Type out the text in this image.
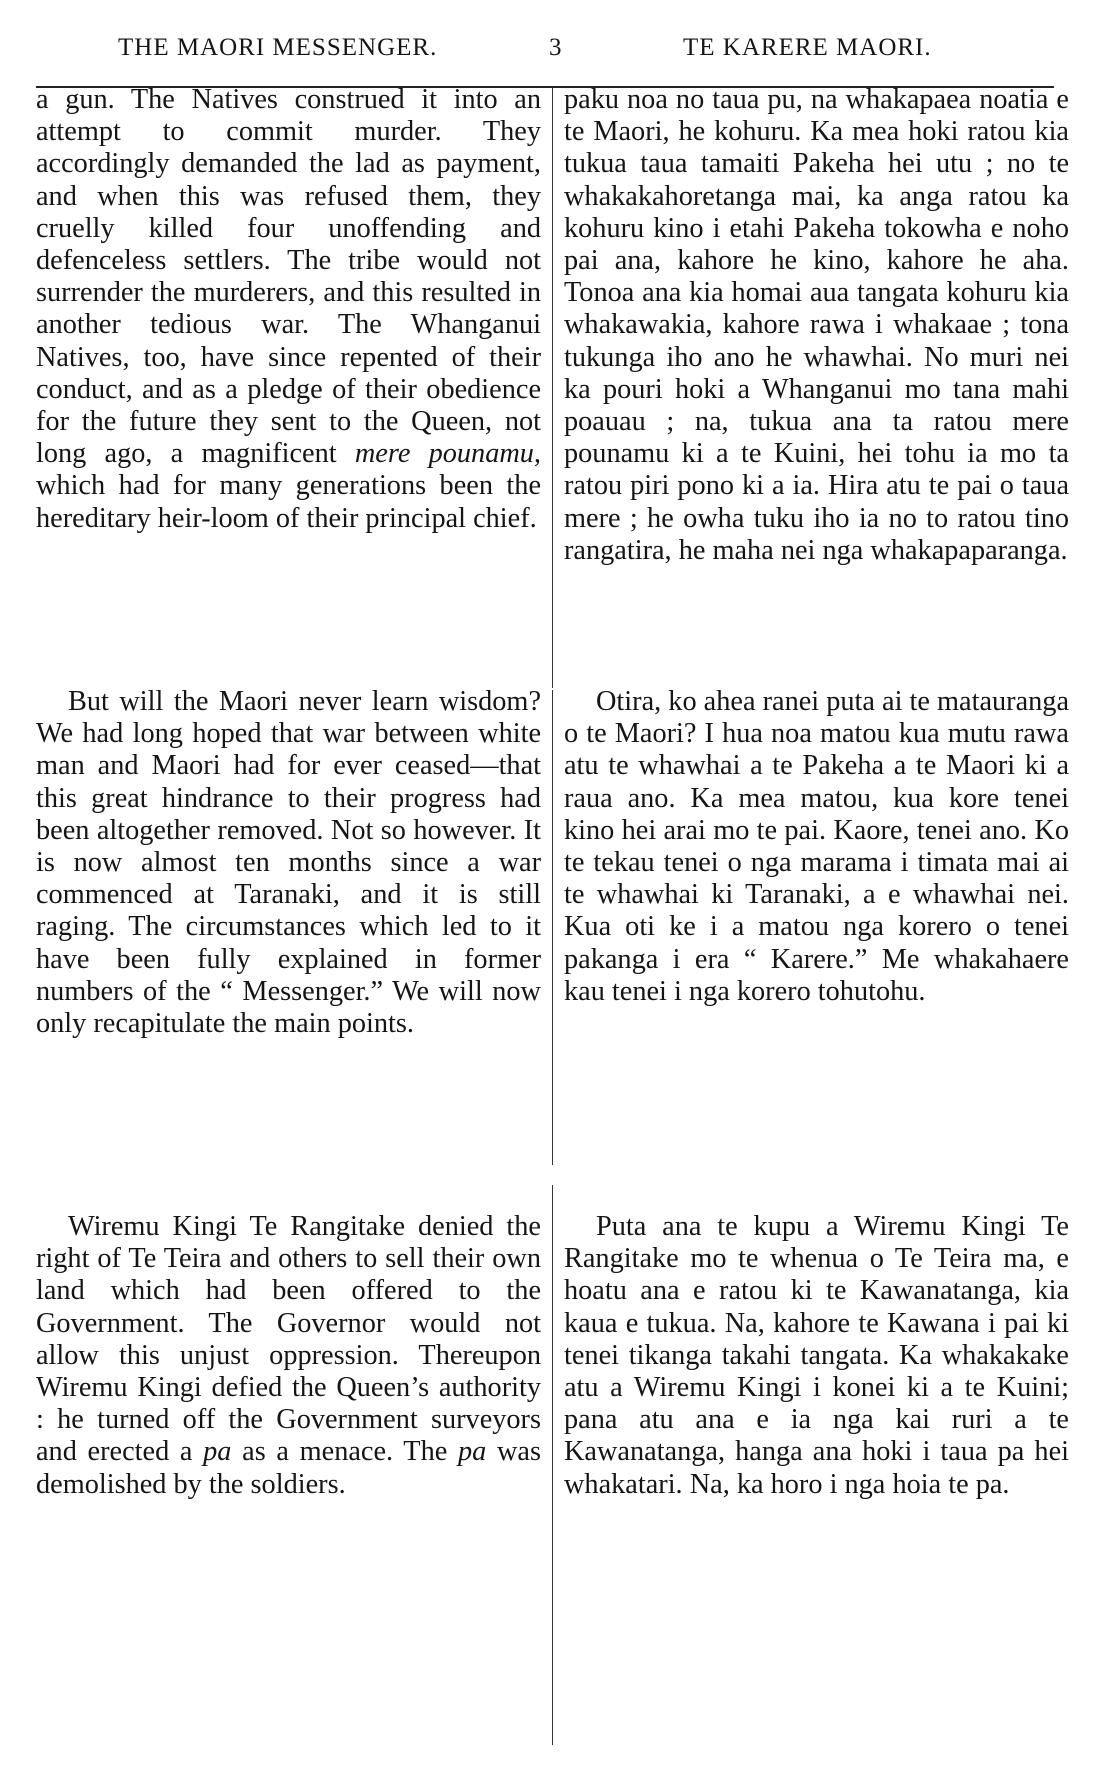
THE MAORI MESSENGER.	3	TE KARERE MAORI.

a gun. The Natives construed it into an attempt to commit murder. They accordingly demanded the lad as payment, and when this was refused them, they cruelly killed four unoffending and defenceless settlers. The tribe would not surrender the murderers, and this resulted in another tedious war. The Whanganui Natives, too, have since repented of their conduct, and as a pledge of their obedience for the future they sent to the Queen, not long ago, a magnificent mere pounamu, which had for many generations been the hereditary heir-loom of their principal chief.

paku noa no taua pu, na whakapaea noatia e te Maori, he kohuru. Ka mea hoki ratou kia tukua taua tamaiti Pakeha hei utu ; no te whakakahoretanga mai, ka anga ratou ka kohuru kino i etahi Pakeha tokowha e noho pai ana, kahore he kino, kahore he aha. Tonoa ana kia homai aua tangata kohuru kia whakawakia, kahore rawa i whakaae ; tona tukunga iho ano he whawhai. No muri nei ka pouri hoki a Whanganui mo tana mahi poauau ; na, tukua ana ta ratou mere pounamu ki a te Kuini, hei tohu ia mo ta ratou piri pono ki a ia. Hira atu te pai o taua mere ; he owha tuku iho ia no to ratou tino rangatira, he maha nei nga whakapaparanga.

But will the Maori never learn wisdom? We had long hoped that war between white man and Maori had for ever ceased—that this great hindrance to their progress had been altogether removed. Not so however. It is now almost ten months since a war commenced at Taranaki, and it is still raging. The circumstances which led to it have been fully explained in former numbers of the “ Messenger.” We will now only recapitulate the main points.

Otira, ko ahea ranei puta ai te matauranga o te Maori? I hua noa matou kua mutu rawa atu te whawhai a te Pakeha a te Maori ki a raua ano. Ka mea matou, kua kore tenei kino hei arai mo te pai. Kaore, tenei ano. Ko te tekau tenei o nga marama i timata mai ai te whawhai ki Taranaki, a e whawhai nei. Kua oti ke i a matou nga korero o tenei pakanga i era “ Karere.” Me whakahaere kau tenei i nga korero tohutohu.

Wiremu Kingi Te Rangitake denied the right of Te Teira and others to sell their own land which had been offered to the Government. The Governor would not allow this unjust oppression. Thereupon Wiremu Kingi defied the Queen’s authority : he turned off the Government surveyors and erected a pa as a menace. The pa was demolished by the soldiers.

Puta ana te kupu a Wiremu Kingi Te Rangitake mo te whenua o Te Teira ma, e hoatu ana e ratou ki te Kawanatanga, kia kaua e tukua. Na, kahore te Kawana i pai ki tenei tikanga takahi tangata. Ka whakakake atu a Wiremu Kingi i konei ki a te Kuini; pana atu ana e ia nga kai ruri a te Kawanatanga, hanga ana hoki i taua pa hei whakatari. Na, ka horo i nga hoia te pa.
